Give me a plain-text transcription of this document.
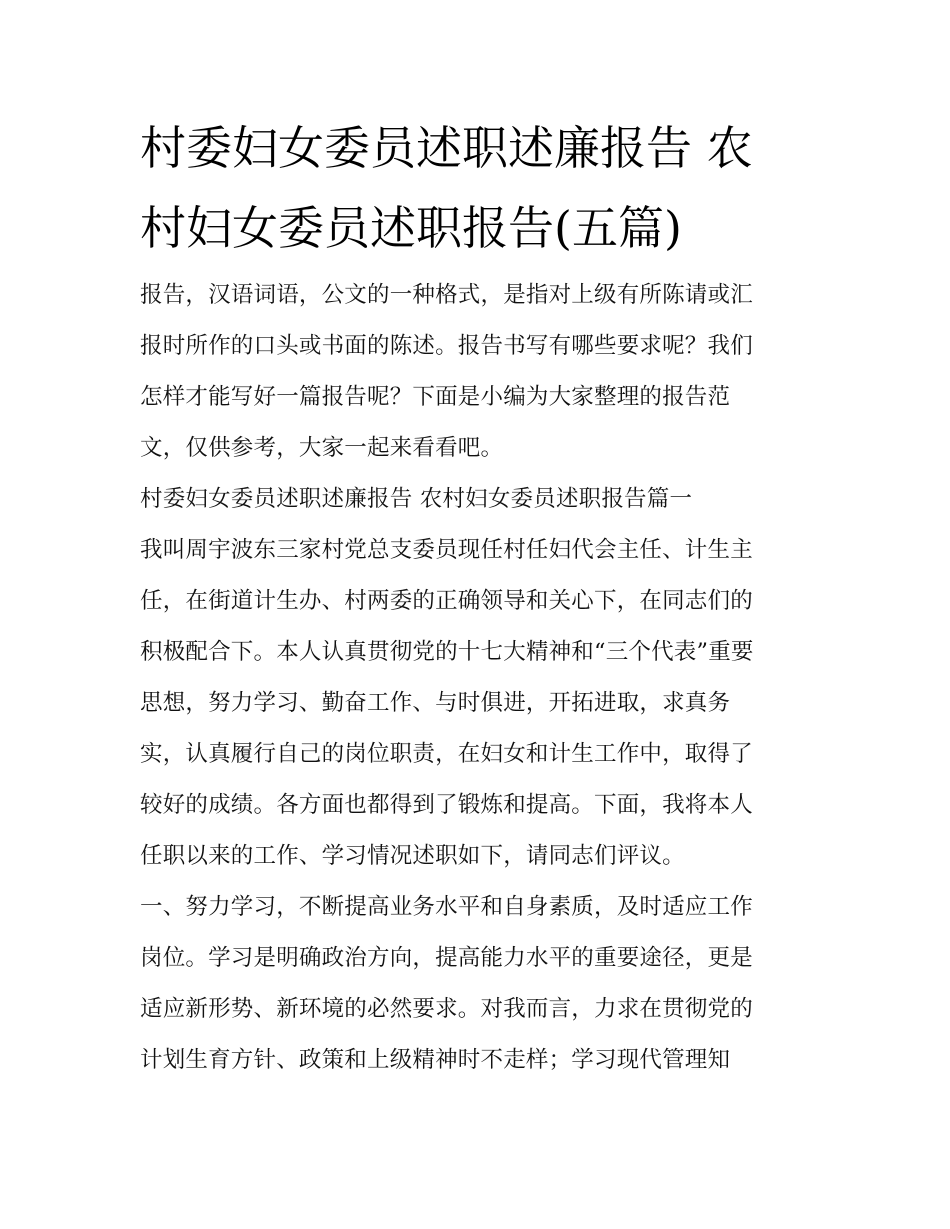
村委妇女委员述职述廉报告 农
村妇女委员述职报告(五篇)
报告，汉语词语，公文的一种格式，是指对上级有所陈请或汇
报时所作的口头或书面的陈述。报告书写有哪些要求呢？我们
怎样才能写好一篇报告呢？下面是小编为大家整理的报告范
文，仅供参考，大家一起来看看吧。
村委妇女委员述职述廉报告 农村妇女委员述职报告篇一
我叫周宇波东三家村党总支委员现任村任妇代会主任、计生主
任，在街道计生办、村两委的正确领导和关心下，在同志们的
积极配合下。本人认真贯彻党的十七大精神和“三个代表”重要
思想，努力学习、勤奋工作、与时俱进，开拓进取，求真务
实，认真履行自己的岗位职责，在妇女和计生工作中，取得了
较好的成绩。各方面也都得到了锻炼和提高。下面，我将本人
任职以来的工作、学习情况述职如下，请同志们评议。
一、努力学习，不断提高业务水平和自身素质，及时适应工作
岗位。学习是明确政治方向，提高能力水平的重要途径，更是
适应新形势、新环境的必然要求。对我而言，力求在贯彻党的
计划生育方针、政策和上级精神时不走样；学习现代管理知
